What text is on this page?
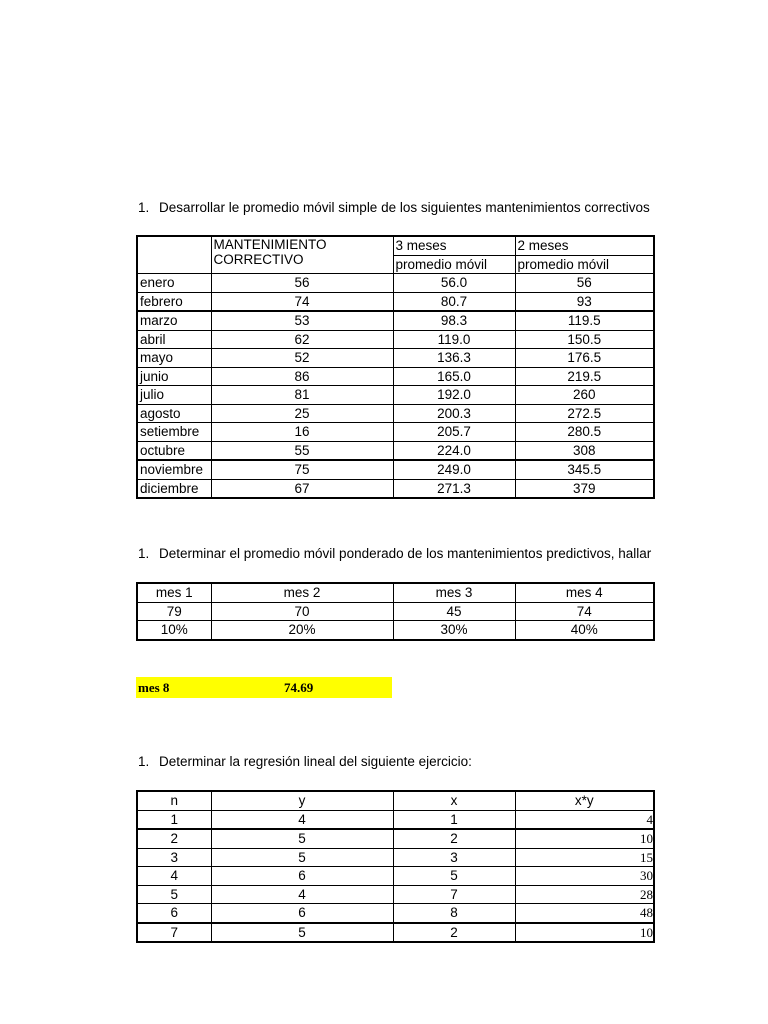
1. Desarrollar le promedio móvil simple de los siguientes mantenimientos correctivos
	MANTENIMIENTO CORRECTIVO	3 meses	2 meses
		promedio móvil	promedio móvil
enero	56	56.0	56
febrero	74	80.7	93
marzo	53	98.3	119.5
abril	62	119.0	150.5
mayo	52	136.3	176.5
junio	86	165.0	219.5
julio	81	192.0	260
agosto	25	200.3	272.5
setiembre	16	205.7	280.5
octubre	55	224.0	308
noviembre	75	249.0	345.5
diciembre	67	271.3	379
1. Determinar el promedio móvil ponderado de los mantenimientos predictivos, hallar
mes 1	mes 2	mes 3	mes 4
79	70	45	74
10%	20%	30%	40%
mes 8	74.69
1. Determinar la regresión lineal del siguiente ejercicio:
n	y	x	x*y
1	4	1	4
2	5	2	10
3	5	3	15
4	6	5	30
5	4	7	28
6	6	8	48
7	5	2	10
